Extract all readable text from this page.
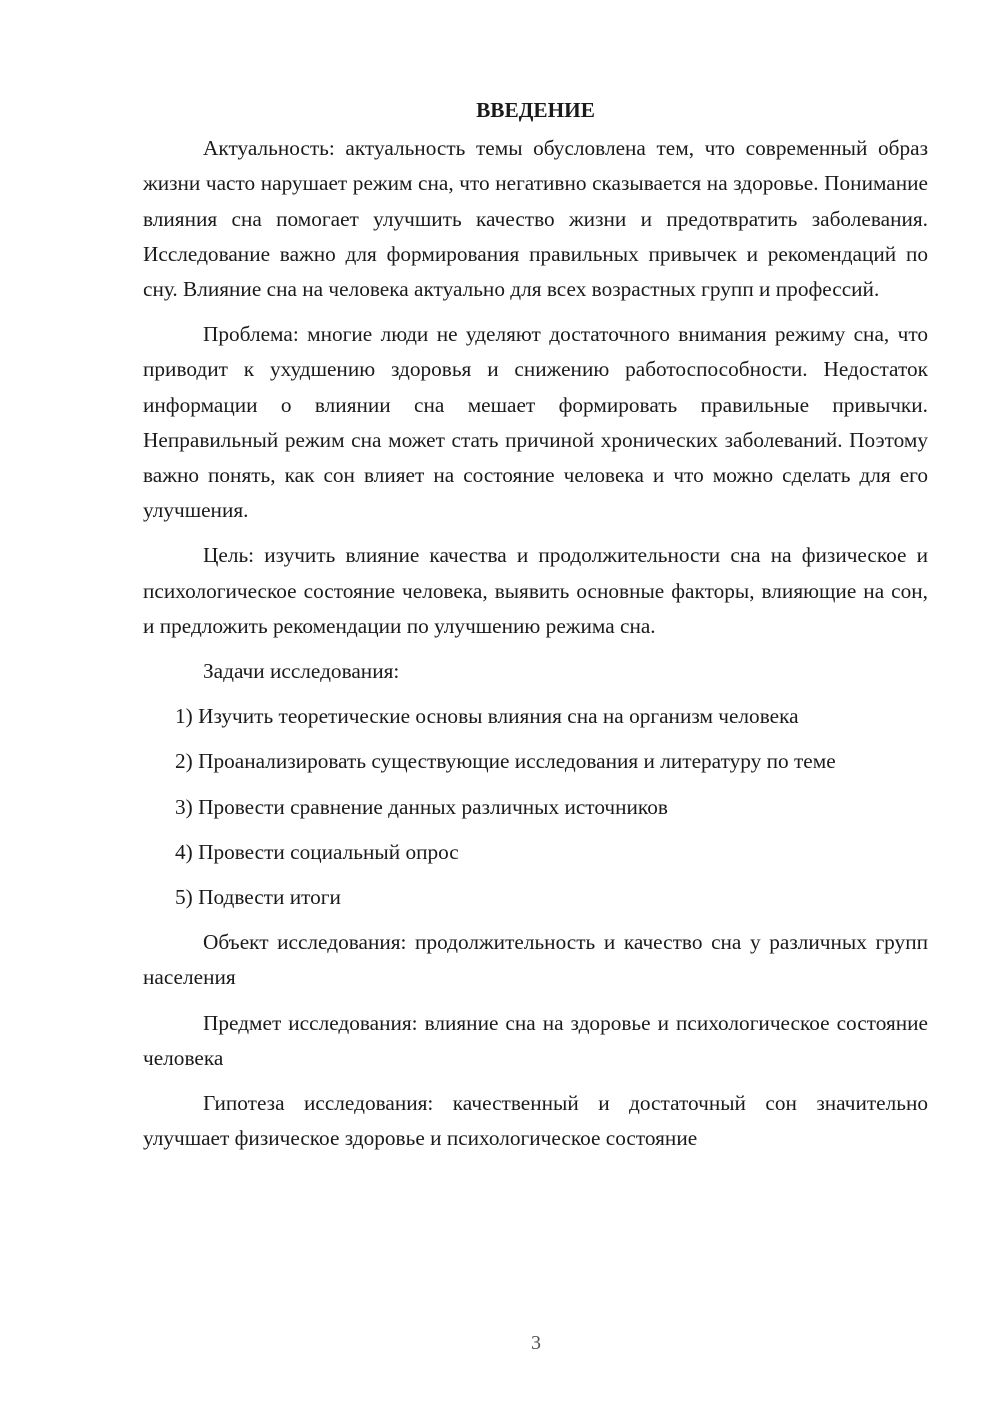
ВВЕДЕНИЕ

Актуальность: актуальность темы обусловлена тем, что современный образ жизни часто нарушает режим сна, что негативно сказывается на здоровье. Понимание влияния сна помогает улучшить качество жизни и предотвратить заболевания. Исследование важно для формирования правильных привычек и рекомендаций по сну. Влияние сна на человека актуально для всех возрастных групп и профессий.

Проблема: многие люди не уделяют достаточного внимания режиму сна, что приводит к ухудшению здоровья и снижению работоспособности. Недостаток информации о влиянии сна мешает формировать правильные привычки. Неправильный режим сна может стать причиной хронических заболеваний. Поэтому важно понять, как сон влияет на состояние человека и что можно сделать для его улучшения.

Цель: изучить влияние качества и продолжительности сна на физическое и психологическое состояние человека, выявить основные факторы, влияющие на сон, и предложить рекомендации по улучшению режима сна.

Задачи исследования:

1) Изучить теоретические основы влияния сна на организм человека

2) Проанализировать существующие исследования и литературу по теме

3) Провести сравнение данных различных источников

4) Провести социальный опрос

5) Подвести итоги

Объект исследования: продолжительность и качество сна у различных групп населения

Предмет исследования: влияние сна на здоровье и психологическое состояние человека

Гипотеза исследования: качественный и достаточный сон значительно улучшает физическое здоровье и психологическое состояние

3
